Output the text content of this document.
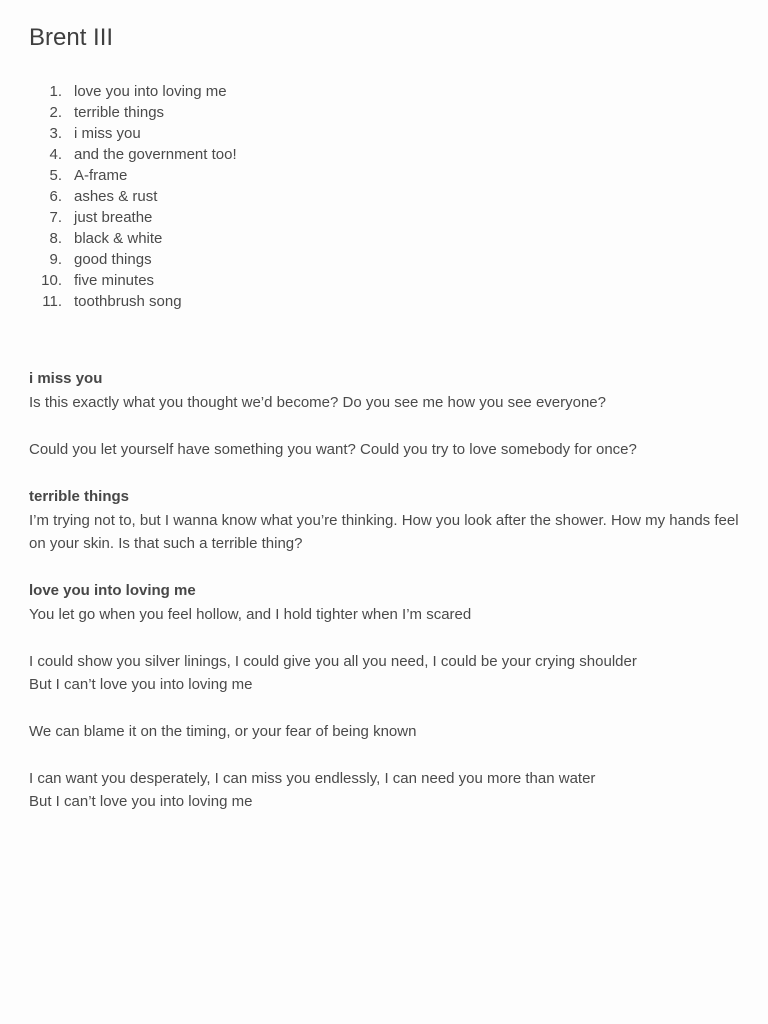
Brent III
1. love you into loving me
2. terrible things
3. i miss you
4. and the government too!
5. A-frame
6. ashes & rust
7. just breathe
8. black & white
9. good things
10. five minutes
11. toothbrush song
i miss you

Is this exactly what you thought we’d become? Do you see me how you see everyone?

Could you let yourself have something you want? Could you try to love somebody for once?

terrible things

I’m trying not to, but I wanna know what you’re thinking. How you look after the shower. How my hands feel on your skin. Is that such a terrible thing?

love you into loving me

You let go when you feel hollow, and I hold tighter when I’m scared

I could show you silver linings, I could give you all you need, I could be your crying shoulder
But I can’t love you into loving me

We can blame it on the timing, or your fear of being known

I can want you desperately, I can miss you endlessly, I can need you more than water
But I can’t love you into loving me
